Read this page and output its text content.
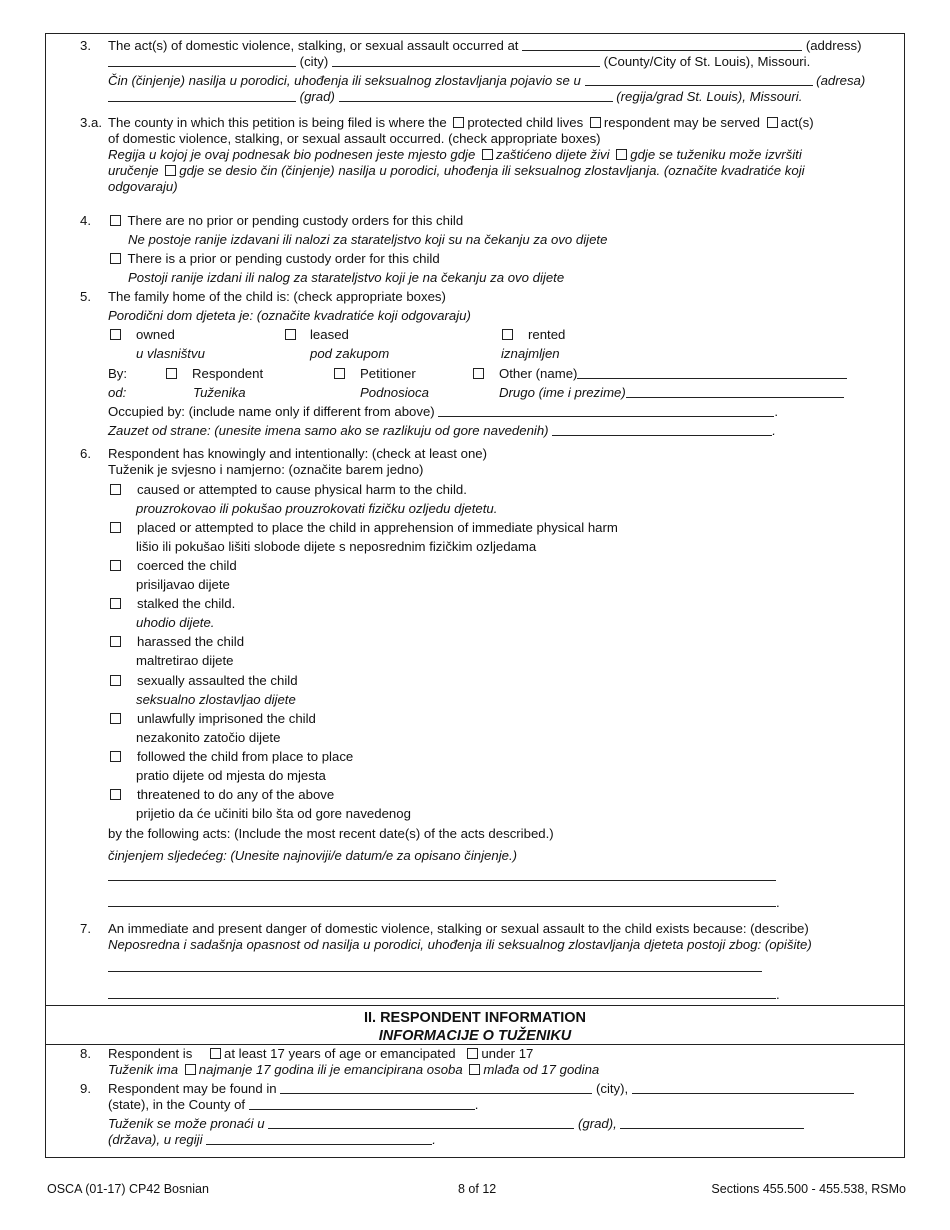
3. The act(s) of domestic violence, stalking, or sexual assault occurred at	(address)
(city)	(County/City of St. Louis), Missouri.
Čin (činjenje) nasilja u porodici, uhođenja ili seksualnog zlostavljanja pojavio se u	(adresa)
(grad)	(regija/grad St. Louis), Missouri.
3.a. The county in which this petition is being filed is where the protected child lives respondent may be served act(s)
of domestic violence, stalking, or sexual assault occurred. (check appropriate boxes)
Regija u kojoj je ovaj podnesak bio podnesen jeste mjesto gdje zaštićeno dijete živi gdje se tuženiku može izvršiti
uručenje gdje se desio čin (činjenje) nasilja u porodici, uhođenja ili seksualnog zlostavljanja. (označite kvadratiće koji
odgovaraju)
4.	There are no prior or pending custody orders for this child
Ne postoje ranije izdavani ili nalozi za starateljstvo koji su na čekanju za ovo dijete
There is a prior or pending custody order for this child
Postoji ranije izdani ili nalog za starateljstvo koji je na čekanju za ovo dijete
5. The family home of the child is: (check appropriate boxes)
Porodični dom djeteta je: (označite kvadratiće koji odgovaraju)
owned	leased	rented
u vlasništvu	pod zakupom	iznajmljen
By:	Respondent	Petitioner	Other (name)
od:	Tuženika	Podnosioca	Drugo (ime i prezime)
Occupied by: (include name only if different from above)	.
Zauzet od strane: (unesite imena samo ako se razlikuju od gore navedenih)	.
6. Respondent has knowingly and intentionally: (check at least one)
Tuženik je svjesno i namjerno: (označite barem jedno)
caused or attempted to cause physical harm to the child.
prouzrokovao ili pokušao prouzrokovati fizičku ozljedu djetetu.
placed or attempted to place the child in apprehension of immediate physical harm
lišio ili pokušao lišiti slobode dijete s neposrednim fizičkim ozljedama
coerced the child
prisiljavao dijete
stalked the child.
uhodio dijete.
harassed the child
maltretirao dijete
sexually assaulted the child
seksualno zlostavljao dijete
unlawfully imprisoned the child
nezakonito zatočio dijete
followed the child from place to place
pratio dijete od mjesta do mjesta
threatened to do any of the above
prijetio da će učiniti bilo šta od gore navedenog
by the following acts: (Include the most recent date(s) of the acts described.)
činjenjem sljedećeg: (Unesite najnoviji/e datum/e za opisano činjenje.)
.
7. An immediate and present danger of domestic violence, stalking or sexual assault to the child exists because: (describe)
Neposredna i sadašnja opasnost od nasilja u porodici, uhođenja ili seksualnog zlostavljanja djeteta postoji zbog: (opišite)
.
II. RESPONDENT INFORMATION
INFORMACIJE O TUŽENIKU
8. Respondent is at least 17 years of age or emancipated under 17
Tuženik ima najmanje 17 godina ili je emancipirana osoba mlađa od 17 godina
9. Respondent may be found in	(city),
(state), in the County of	.
Tuženik se može pronaći u	(grad),
(država), u regiji	.
OSCA (01-17) CP42 Bosnian	8 of 12	Sections 455.500 - 455.538, RSMo
